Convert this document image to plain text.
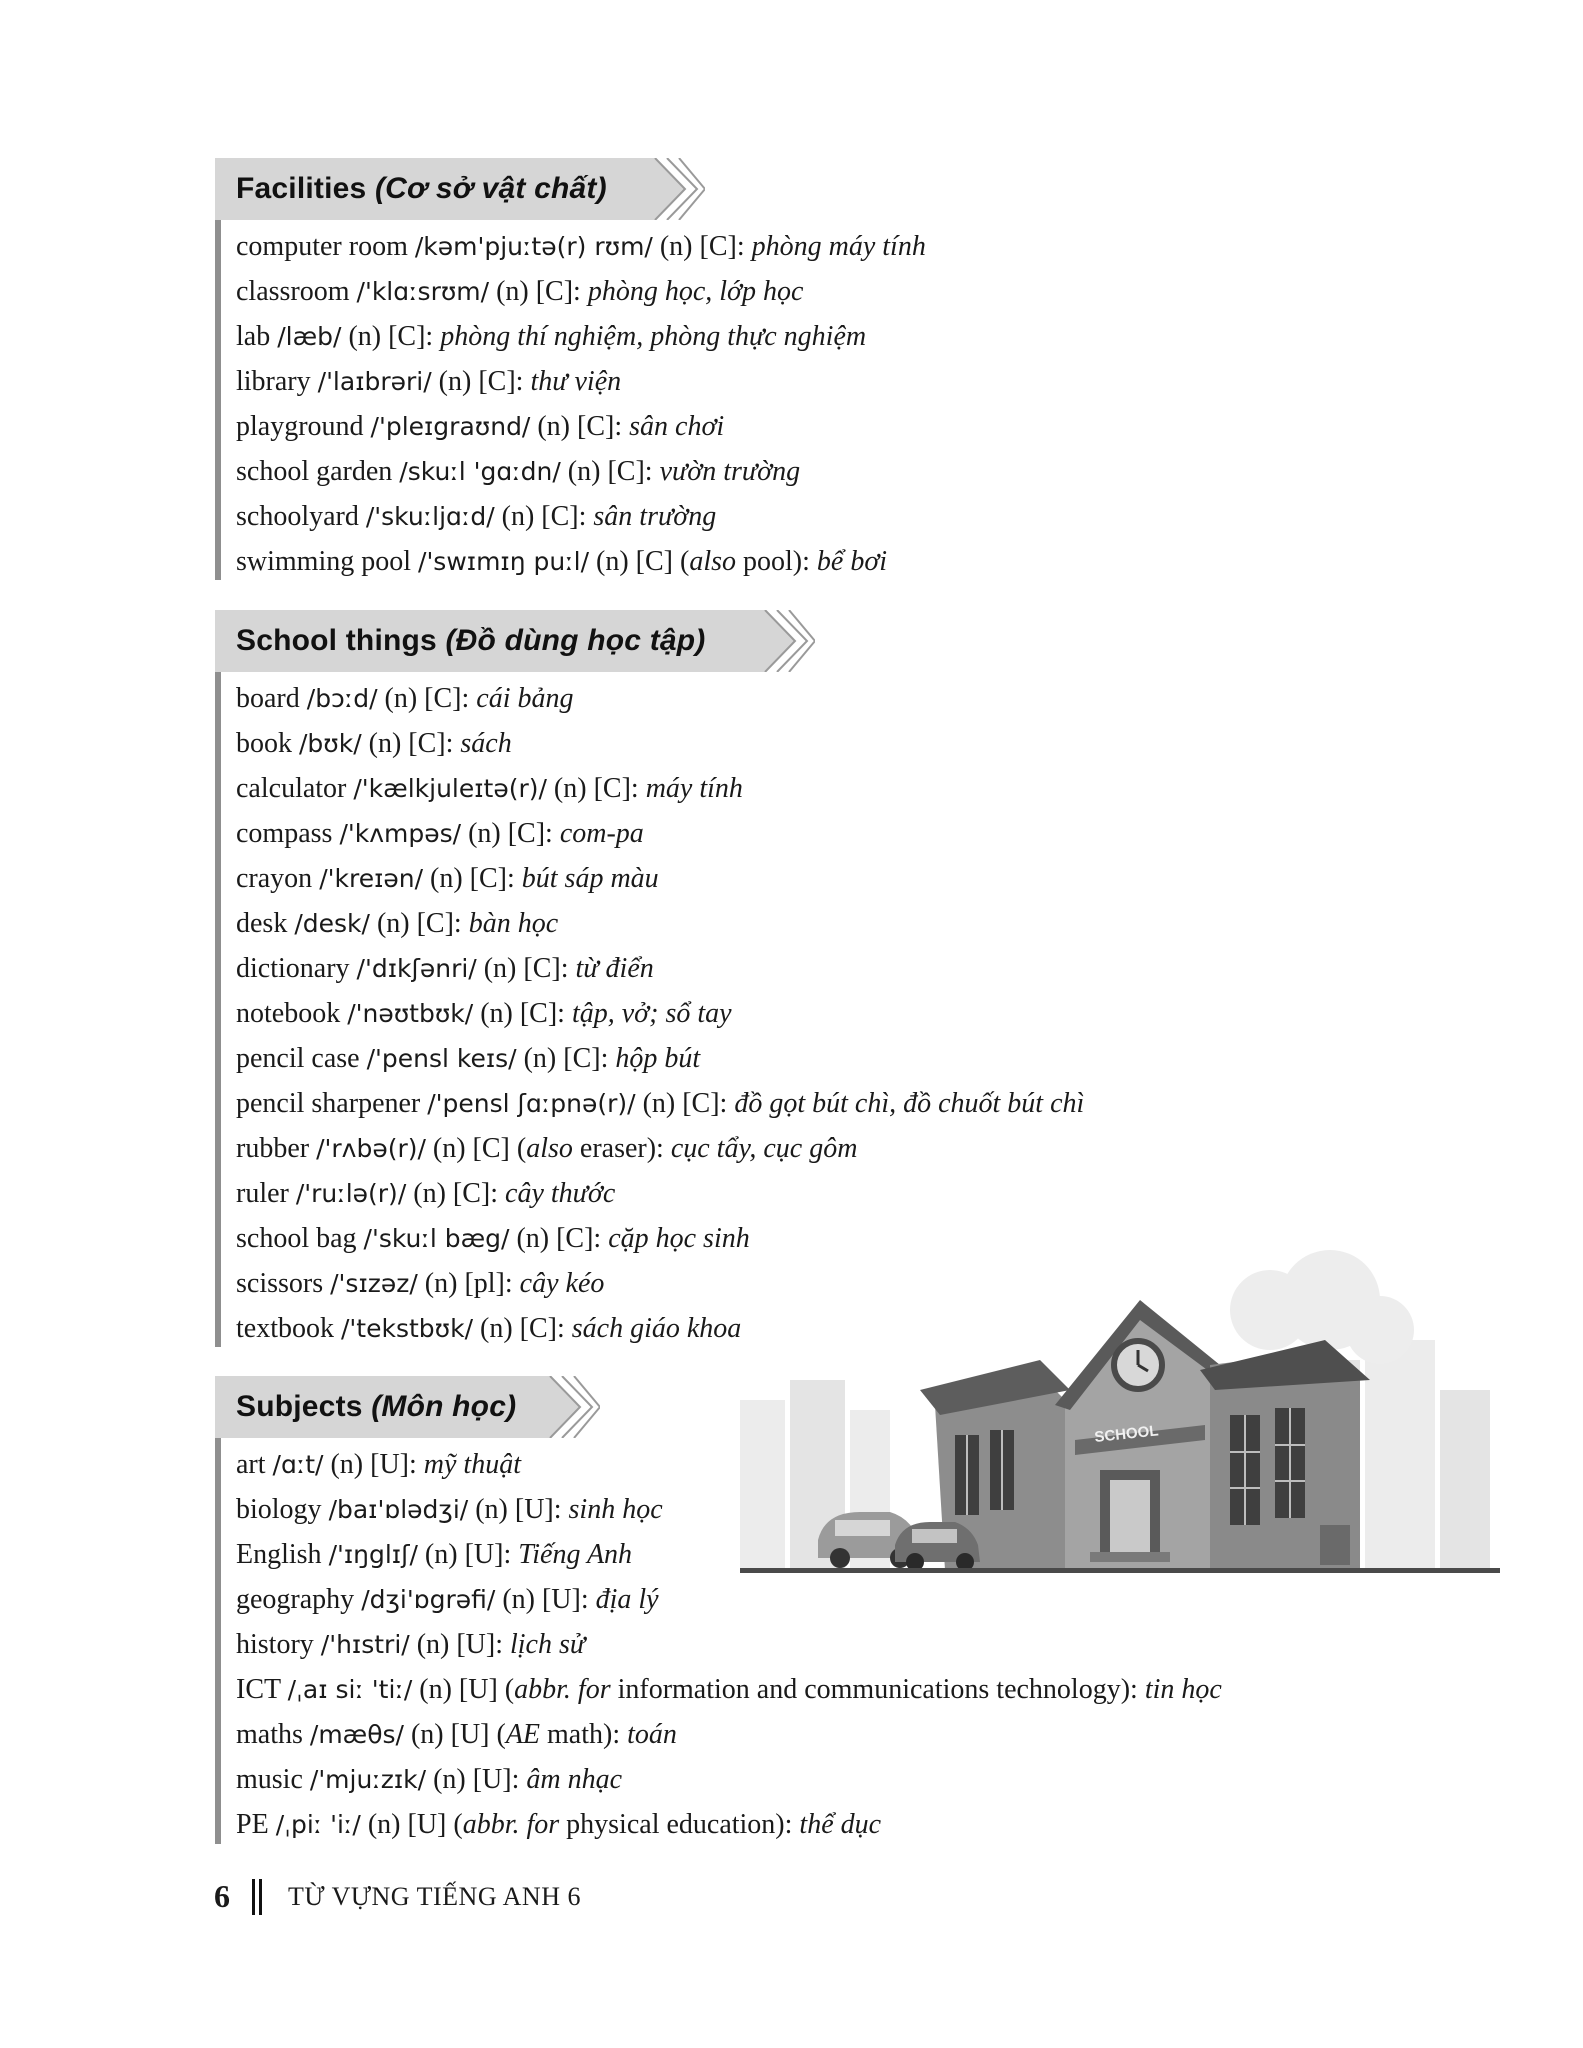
Facilities (Cơ sở vật chất)
computer room /kəm'pjuːtə(r) rʊm/ (n) [C]: phòng máy tính
classroom /'klɑːsrʊm/ (n) [C]: phòng học, lớp học
lab /læb/ (n) [C]: phòng thí nghiệm, phòng thực nghiệm
library /'laɪbrəri/ (n) [C]: thư viện
playground /'pleɪgraʊnd/ (n) [C]: sân chơi
school garden /skuːl 'gɑːdn/ (n) [C]: vườn trường
schoolyard /'skuːljɑːd/ (n) [C]: sân trường
swimming pool /'swɪmɪŋ puːl/ (n) [C] (also pool): bể bơi
School things (Đồ dùng học tập)
board /bɔːd/ (n) [C]: cái bảng
book /bʊk/ (n) [C]: sách
calculator /'kælkjuleɪtə(r)/ (n) [C]: máy tính
compass /'kʌmpəs/ (n) [C]: com-pa
crayon /'kreɪən/ (n) [C]: bút sáp màu
desk /desk/ (n) [C]: bàn học
dictionary /'dɪkʃənri/ (n) [C]: từ điển
notebook /'nəʊtbʊk/ (n) [C]: tập, vở; sổ tay
pencil case /'pensl keɪs/ (n) [C]: hộp bút
pencil sharpener /'pensl ʃɑːpnə(r)/ (n) [C]: đồ gọt bút chì, đồ chuốt bút chì
rubber /'rʌbə(r)/ (n) [C] (also eraser): cục tẩy, cục gôm
ruler /'ruːlə(r)/ (n) [C]: cây thước
school bag /'skuːl bæg/ (n) [C]: cặp học sinh
scissors /'sɪzəz/ (n) [pl]: cây kéo
textbook /'tekstbʊk/ (n) [C]: sách giáo khoa
Subjects (Môn học)
art /ɑːt/ (n) [U]: mỹ thuật
biology /baɪ'ɒlədʒi/ (n) [U]: sinh học
English /'ɪŋglɪʃ/ (n) [U]: Tiếng Anh
geography /dʒi'ɒgrəfi/ (n) [U]: địa lý
history /'hɪstri/ (n) [U]: lịch sử
ICT /ˌaɪ siː 'tiː/ (n) [U] (abbr. for information and communications technology): tin học
maths /mæθs/ (n) [U] (AE math): toán
music /'mjuːzɪk/ (n) [U]: âm nhạc
PE /ˌpiː 'iː/ (n) [U] (abbr. for physical education): thể dục
SCHOOL
6 TỪ VỰNG TIẾNG ANH 6
